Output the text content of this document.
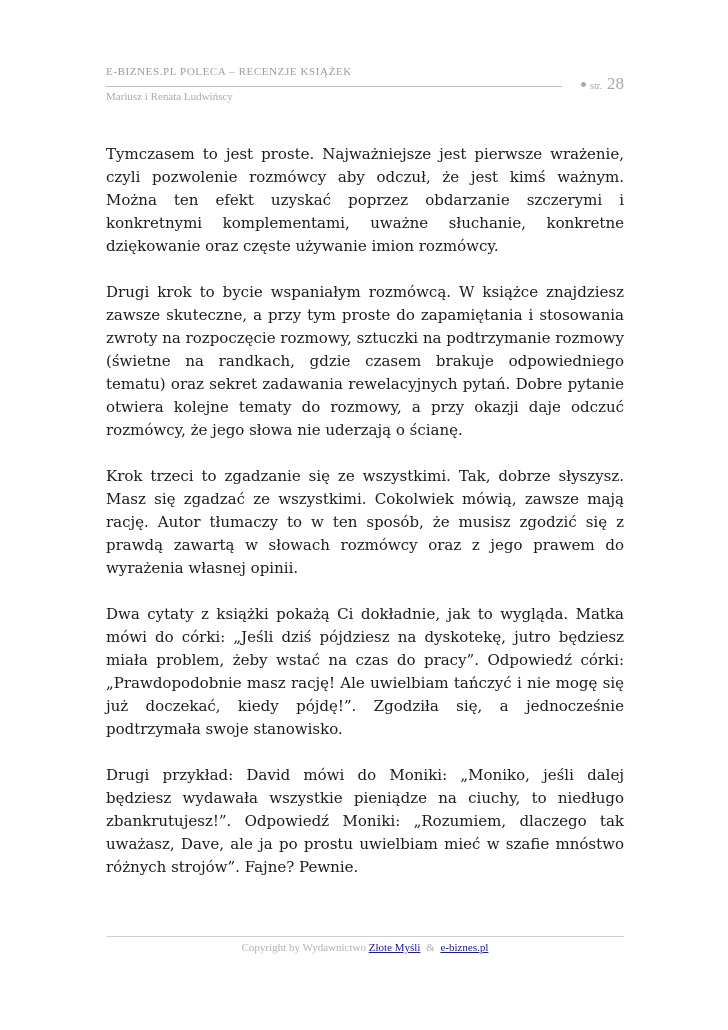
E-BIZNES.PL POLECA – RECENZJE KSIĄŻEK
Mariusz i Renata Ludwińscy
str. 28

Tymczasem to jest proste. Najważniejsze jest pierwsze wrażenie, czyli pozwolenie rozmówcy aby odczuł, że jest kimś ważnym. Można ten efekt uzyskać poprzez obdarzanie szczerymi i konkretnymi komplementami, uważne słuchanie, konkretne dziękowanie oraz częste używanie imion rozmówcy.

Drugi krok to bycie wspaniałym rozmówcą. W książce znajdziesz zawsze skuteczne, a przy tym proste do zapamiętania i stosowania zwroty na rozpoczęcie rozmowy, sztuczki na podtrzymanie rozmowy (świetne na randkach, gdzie czasem brakuje odpowiedniego tematu) oraz sekret zadawania rewelacyjnych pytań. Dobre pytanie otwiera kolejne tematy do rozmowy, a przy okazji daje odczuć rozmówcy, że jego słowa nie uderzają o ścianę.

Krok trzeci to zgadzanie się ze wszystkimi. Tak, dobrze słyszysz. Masz się zgadzać ze wszystkimi. Cokolwiek mówią, zawsze mają rację. Autor tłumaczy to w ten sposób, że musisz zgodzić się z prawdą zawartą w słowach rozmówcy oraz z jego prawem do wyrażenia własnej opinii.

Dwa cytaty z książki pokażą Ci dokładnie, jak to wygląda. Matka mówi do córki: „Jeśli dziś pójdziesz na dyskotekę, jutro będziesz miała problem, żeby wstać na czas do pracy”. Odpowiedź córki: „Prawdopodobnie masz rację! Ale uwielbiam tańczyć i nie mogę się już doczekać, kiedy pójdę!”. Zgodziła się, a jednocześnie podtrzymała swoje stanowisko.

Drugi przykład: David mówi do Moniki: „Moniko, jeśli dalej będziesz wydawała wszystkie pieniądze na ciuchy, to niedługo zbankrutujesz!”. Odpowiedź Moniki: „Rozumiem, dlaczego tak uważasz, Dave, ale ja po prostu uwielbiam mieć w szafie mnóstwo różnych strojów”. Fajne? Pewnie.

Copyright by Wydawnictwo Złote Myśli & e-biznes.pl
